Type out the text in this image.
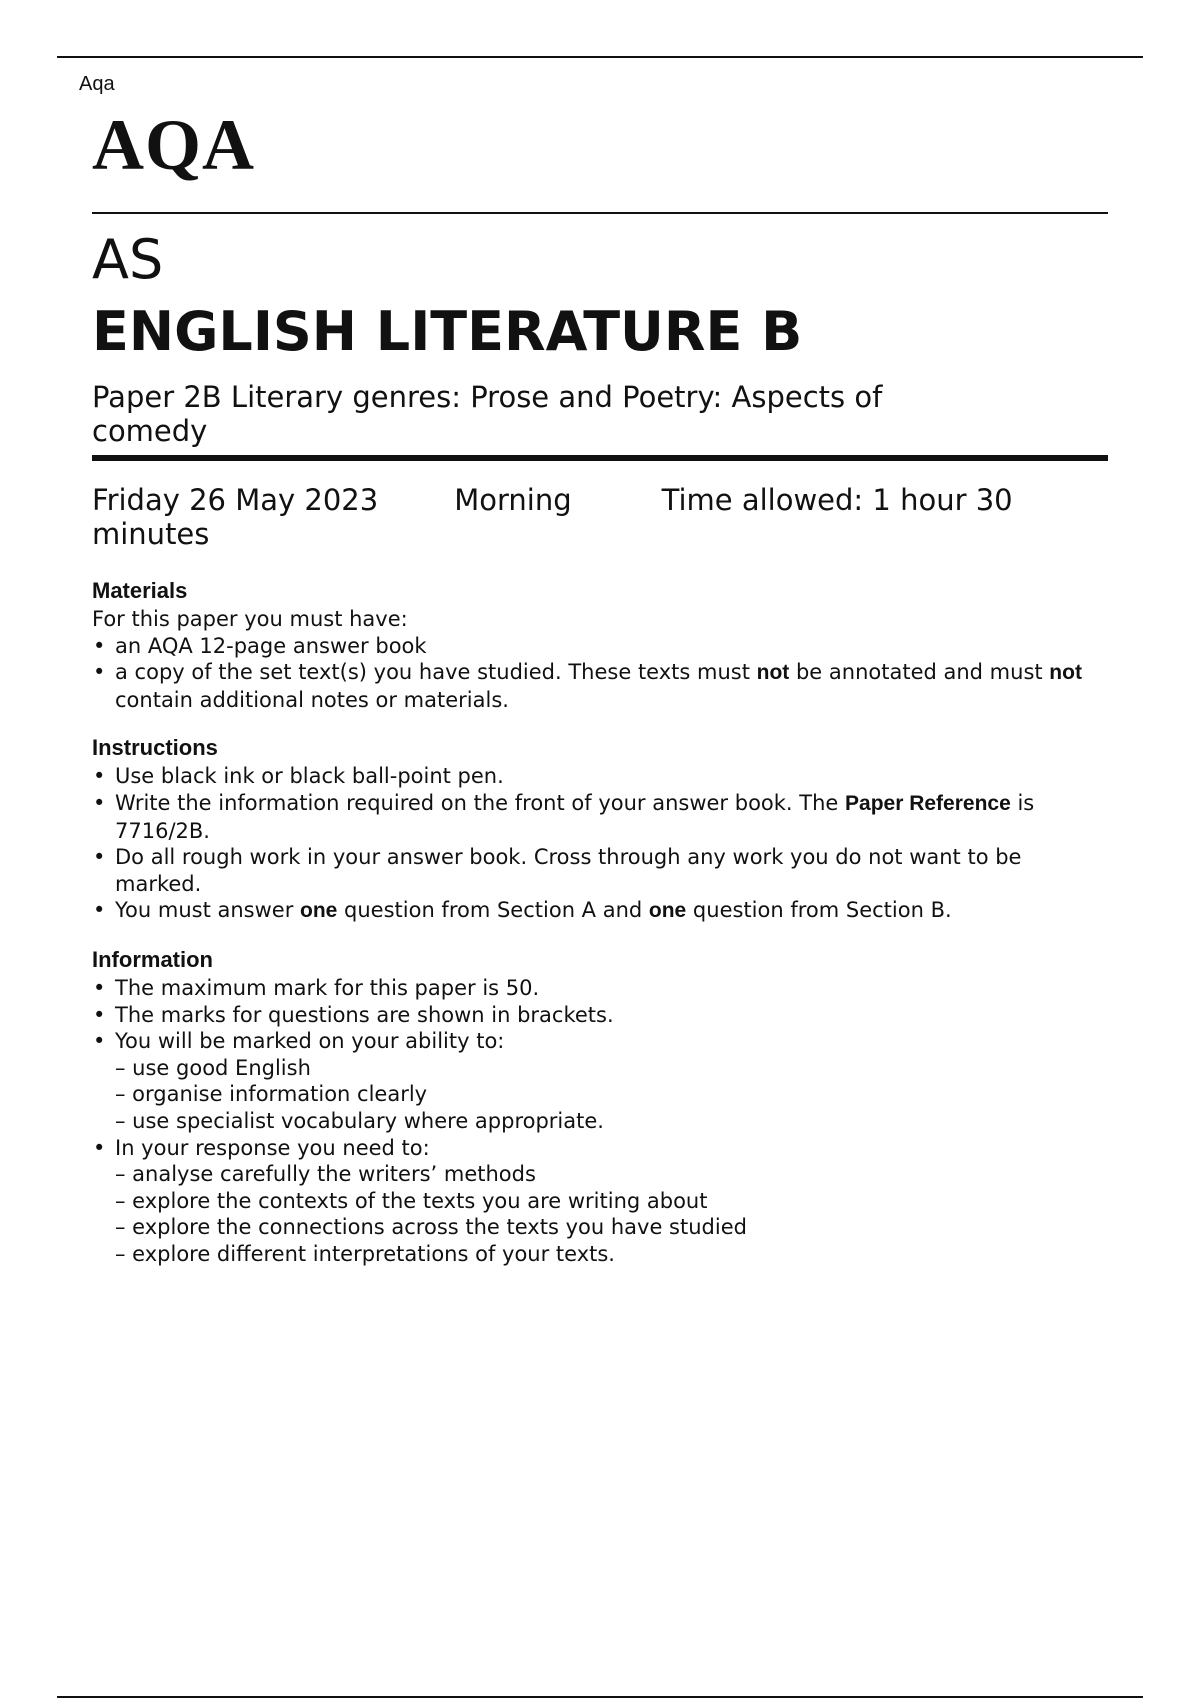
Aqa
AQA
AS
ENGLISH LITERATURE B
Paper 2B Literary genres: Prose and Poetry: Aspects of comedy
Friday 26 May 2023	Morning	Time allowed: 1 hour 30 minutes
Materials
For this paper you must have:
• an AQA 12-page answer book
• a copy of the set text(s) you have studied. These texts must not be annotated and must not contain additional notes or materials.
Instructions
• Use black ink or black ball-point pen.
• Write the information required on the front of your answer book. The Paper Reference is 7716/2B.
• Do all rough work in your answer book. Cross through any work you do not want to be marked.
• You must answer one question from Section A and one question from Section B.
Information
• The maximum mark for this paper is 50.
• The marks for questions are shown in brackets.
• You will be marked on your ability to:
– use good English
– organise information clearly
– use specialist vocabulary where appropriate.
• In your response you need to:
– analyse carefully the writers’ methods
– explore the contexts of the texts you are writing about
– explore the connections across the texts you have studied
– explore different interpretations of your texts.
